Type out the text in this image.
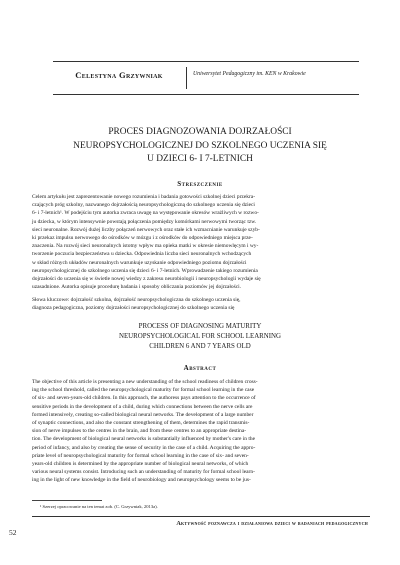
Celestyna Grzywniak	Uniwersytet Pedagogiczny im. KEN w Krakowie
PROCES DIAGNOZOWANIA DOJRZAŁOŚCI
NEUROPSYCHOLOGICZNEJ DO SZKOLNEGO UCZENIA SIĘ
U DZIECI 6- I 7-LETNICH
Streszczenie

Celem artykułu jest zaprezentowanie nowego rozumienia i badania gotowości szkolnej dzieci przekra-

czających próg szkolny, nazwanego dojrzałością neuropsychologiczną do szkolnego uczenia się dzieci

6- i 7-letnich¹. W podejściu tym autorka zwraca uwagę na występowanie okresów wrażliwych w rozwo-

ju dziecka, w którym intensywnie powstają połączenia pomiędzy komórkami nerwowymi tworząc tzw.

sieci neuronalne. Rozwój dużej liczby połączeń nerwowych oraz stałe ich wzmacnianie warunkuje szyb-

ki przekaz impulsu nerwowego do ośrodków w mózgu i z ośrodków do odpowiedniego miejsca prze-

znaczenia. Na rozwój sieci neuronalnych istotny wpływ ma opieka matki w okresie niemowlęcym i wy-

tworzenie poczucia bezpieczeństwa u dziecka. Odpowiednia liczba sieci neuronalnych wchodzących

w skład różnych układów neuronalnych warunkuje uzyskanie odpowiedniego poziomu dojrzałości

neuropsychologicznej do szkolnego uczenia się dzieci 6- i 7-letnich. Wprowadzenie takiego rozumienia

dojrzałości do uczenia się w świetle nowej wiedzy z zakresu neurobiologii i neuropsychologii wydaje się

uzasadnione. Autorka opisuje procedurę badania i sposoby obliczania poziomów jej dojrzałości.

Słowa kluczowe: dojrzałość szkolna, dojrzałość neuropsychologiczna do szkolnego uczenia się,

diagnoza pedagogiczna, poziomy dojrzałości neuropsychologicznej do szkolnego uczenia się

PROCESS OF DIAGNOSING MATURITY
NEUROPSYCHOLOGICAL FOR SCHOOL LEARNING
CHILDREN 6 AND 7 YEARS OLD
Abstract

The objective of this article is presenting a new understanding of the school readiness of children cross-

ing the school threshold, called the neuropsychological maturity for formal school learning in the case

of six- and seven-years-old children. In this approach, the authoress pays attention to the occurrence of

sensitive periods in the development of a child, during which connections between the nerve cells are

formed intensively, creating so-called biological neural networks. The development of a large number

of synaptic connections, and also the constant strengthening of them, determines the rapid transmis-

sion of nerve impulses to the centres in the brain, and from these centres to an appropriate destina-

tion. The development of biological neural networks is substantially influenced by mother's care in the

period of infancy, and also by creating the sense of security in the case of a child. Acquiring the appro-

priate level of neuropsychological maturity for formal school learning in the case of six- and seven-

years-old children is determined by the appropriate number of biological neural networks, of which

various neural systems consist. Introducing such an understanding of maturity for formal school learn-

ing in the light of new knowledge in the field of neurobiology and neuropsychology seems to be jus-

¹ Szerzej opracowanie na ten temat zob. (C. Grzywniak, 2013a).
52
Aktywność poznawcza i działaniowa dzieci w badaniach pedagogicznych
